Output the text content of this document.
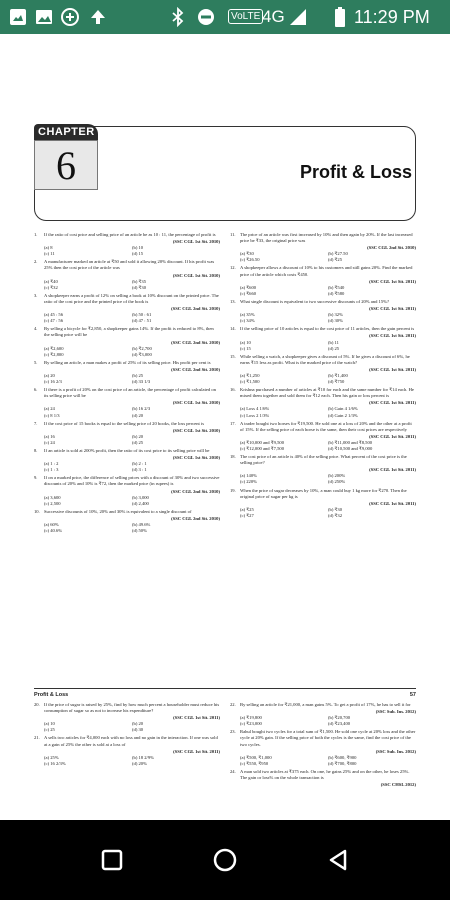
VoLTE 4G	11:29 PM
CHAPTER
6	Profit & Loss
1.	If the ratio of cost price and selling price of an article be as 10 : 11, the percentage of profit is
(SSC CGL 1st Sit. 2010)
(a) 8	(b) 10
(c) 11	(d) 15
2.	A manufacturer marked an article at ₹50 and sold it allowing 20% discount. If his profit was 25% then the cost price of the article was
(SSC CGL 1st Sit. 2010)
(a) ₹40	(b) ₹35
(c) ₹32	(d) ₹30
3.	A shopkeeper earns a profit of 12% on selling a book at 10% discount on the printed price. The ratio of the cost price and the printed price of the book is
(SSC CGL 2nd Sit. 2010)
(a) 45 : 56	(b) 50 : 61
(c) 47 : 56	(d) 47 : 51
4.	By selling a bicycle for ₹2,850, a shopkeeper gains 14%. If the profit is reduced to 8%, then the selling price will be
(SSC CGL 2nd Sit. 2010)
(a) ₹2,600	(b) ₹2,700
(c) ₹2,800	(d) ₹3,000
5.	By selling an article, a man makes a profit of 25% of its selling price. His profit per cent is
(SSC CGL 2nd Sit. 2010)
(a) 20	(b) 25
(c) 16 2/3	(d) 33 1/3
6.	If there is a profit of 20% on the cost price of an article, the percentage of profit calculated on its selling price will be
(SSC CGL 1st Sit. 2010)
(a) 24	(b) 16 2/3
(c) 8 1/3	(d) 20
7.	If the cost price of 15 books is equal to the selling price of 20 books, the loss percent is
(SSC CGL 1st Sit. 2010)
(a) 16	(b) 20
(c) 24	(d) 25
8.	If an article is sold at 200% profit, then the ratio of its cost price to its selling price will be
(SSC CGL 1st Sit. 2010)
(a) 1 : 2	(b) 2 : 1
(c) 1 : 3	(d) 3 : 1
9.	If on a marked price, the difference of selling prices with a discount of 30% and two successive discounts of 20% and 10% is ₹72, then the marked price (in rupees) is
(SSC CGL 2nd Sit. 2010)
(a) 3,600	(b) 3,000
(c) 2,500	(d) 2,400
10. Successive discounts of 10%, 20% and 30% is equivalent to a single discount of
(SSC CGL 2nd Sit. 2010)
(a) 60%	(b) 49.6%
(c) 40.6%	(d) 50%
11. The price of an article was first increased by 10% and then again by 20%. If the last increased price be ₹33, the original price was
(SSC CGL 2nd Sit. 2010)
(a) ₹30	(b) ₹27.50
(c) ₹26.50	(d) ₹25
12. A shopkeeper allows a discount of 10% to his customers and still gains 20%. Find the marked price of the article which costs ₹450.
(SSC CGL 1st Sit. 2011)
(a) ₹600	(b) ₹540
(c) ₹660	(d) ₹580
13. What single discount is equivalent to two successive discounts of 20% and 15%?
(SSC CGL 1st Sit. 2011)
(a) 35%	(b) 32%
(c) 34%	(d) 30%
14. If the selling price of 10 articles is equal to the cost price of 11 articles, then the gain percent is
(SSC CGL 1st Sit. 2011)
(a) 10	(b) 11
(c) 15	(d) 25
15. While selling a watch, a shopkeeper gives a discount of 5%. If he gives a discount of 6%, he earns ₹15 less as profit. What is the marked price of the watch?
(SSC CGL 1st Sit. 2011)
(a) ₹1,250	(b) ₹1,400
(c) ₹1,500	(d) ₹750
16. Krishna purchased a number of articles at ₹10 for each and the same number for ₹14 each. He mixed them together and sold them for ₹12 each. Then his gain or loss percent is
(SSC CGL 1st Sit. 2011)
(a) Loss 4 1/6%	(b) Gain 4 1/6%
(c) Loss 2 1/3%	(d) Gain 2 1/3%
17. A trader bought two horses for ₹19,500. He sold one at a loss of 20% and the other at a profit of 15%. If the selling price of each horse is the same, then their cost prices are respectively
(SSC CGL 1st Sit. 2011)
(a) ₹10,000 and ₹9,500	(b) ₹11,000 and ₹8,500
(c) ₹12,000 and ₹7,500	(d) ₹10,500 and ₹9,000
18. The cost price of an article is 40% of the selling price. What percent of the cost price is the selling price?
(SSC CGL 1st Sit. 2011)
(a) 140%	(b) 200%
(c) 220%	(d) 250%
19. When the price of sugar decreases by 10%, a man could buy 1 kg more for ₹270. Then the original price of sugar per kg is
(SSC CGL 1st Sit. 2011)
(a) ₹25	(b) ₹30
(c) ₹27	(d) ₹32
Profit & Loss	57
20. If the price of sugar is raised by 25%, find by how much percent a householder must reduce his consumption of sugar so as not to increase his expenditure?
(SSC CGL 1st Sit. 2011)
(a) 10	(b) 20
(c) 25	(d) 30
21. A sells two articles for ₹4,000 each with no loss and no gain in the interaction. If one was sold at a gain of 25% the other is sold at a loss of
(SSC CGL 1st Sit. 2011)
(a) 25%	(b) 18 2/9%
(c) 16 2/3%	(d) 20%
22. By selling an article for ₹21,000, a man gains 5%. To get a profit of 17%, he has to sell it for
(SSC Sub. Ins. 2012)
(a) ₹19,800	(b) ₹20,700
(c) ₹23,000	(d) ₹23,400
23. Rahul bought two cycles for a total sum of ₹1,500. He sold one cycle at 20% loss and the other cycle at 20% gain. If the selling price of both the cycles is the same, find the cost price of the two cycles.
(SSC Sub. Ins. 2012)
(a) ₹500, ₹1,000	(b) ₹600, ₹900
(c) ₹550, ₹950	(d) ₹700, ₹800
24. A man sold two articles at ₹375 each. On one, he gains 25% and on the other, he loses 25%. The gain or loss% on the whole transaction is
(SSC CHSL 2012)
